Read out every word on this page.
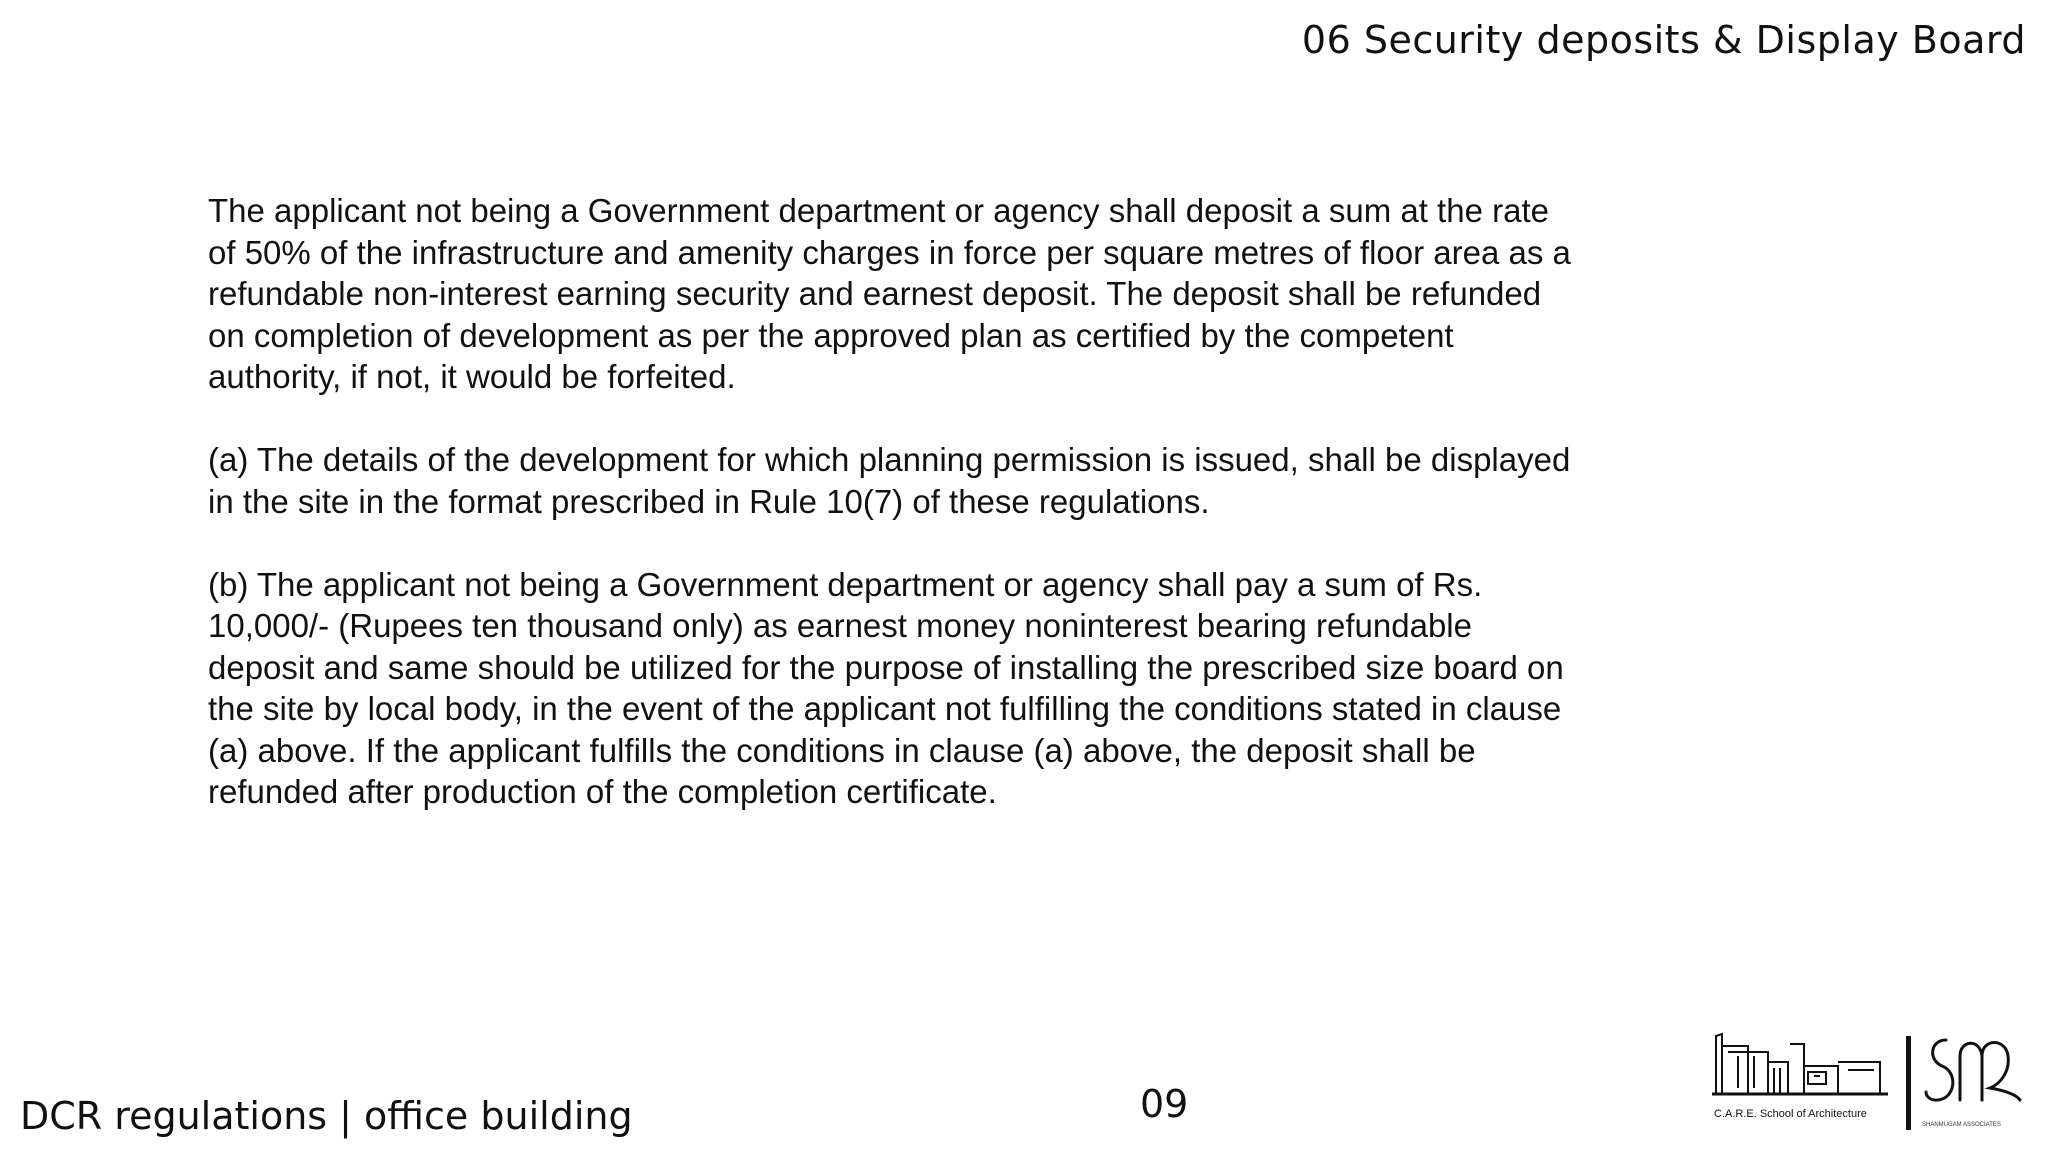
06 Security deposits & Display Board

The applicant not being a Government department or agency shall deposit a sum at the rate
of 50% of the infrastructure and amenity charges in force per square metres of floor area as a
refundable non-interest earning security and earnest deposit. The deposit shall be refunded
on completion of development as per the approved plan as certified by the competent
authority, if not, it would be forfeited.

(a) The details of the development for which planning permission is issued, shall be displayed
in the site in the format prescribed in Rule 10(7) of these regulations.

(b) The applicant not being a Government department or agency shall pay a sum of Rs.
10,000/- (Rupees ten thousand only) as earnest money noninterest bearing refundable
deposit and same should be utilized for the purpose of installing the prescribed size board on
the site by local body, in the event of the applicant not fulfilling the conditions stated in clause
(a) above. If the applicant fulfills the conditions in clause (a) above, the deposit shall be
refunded after production of the completion certificate.

DCR regulations | office building	09	C.A.R.E. School of Architecture
SHANMUGAM ASSOCIATES
